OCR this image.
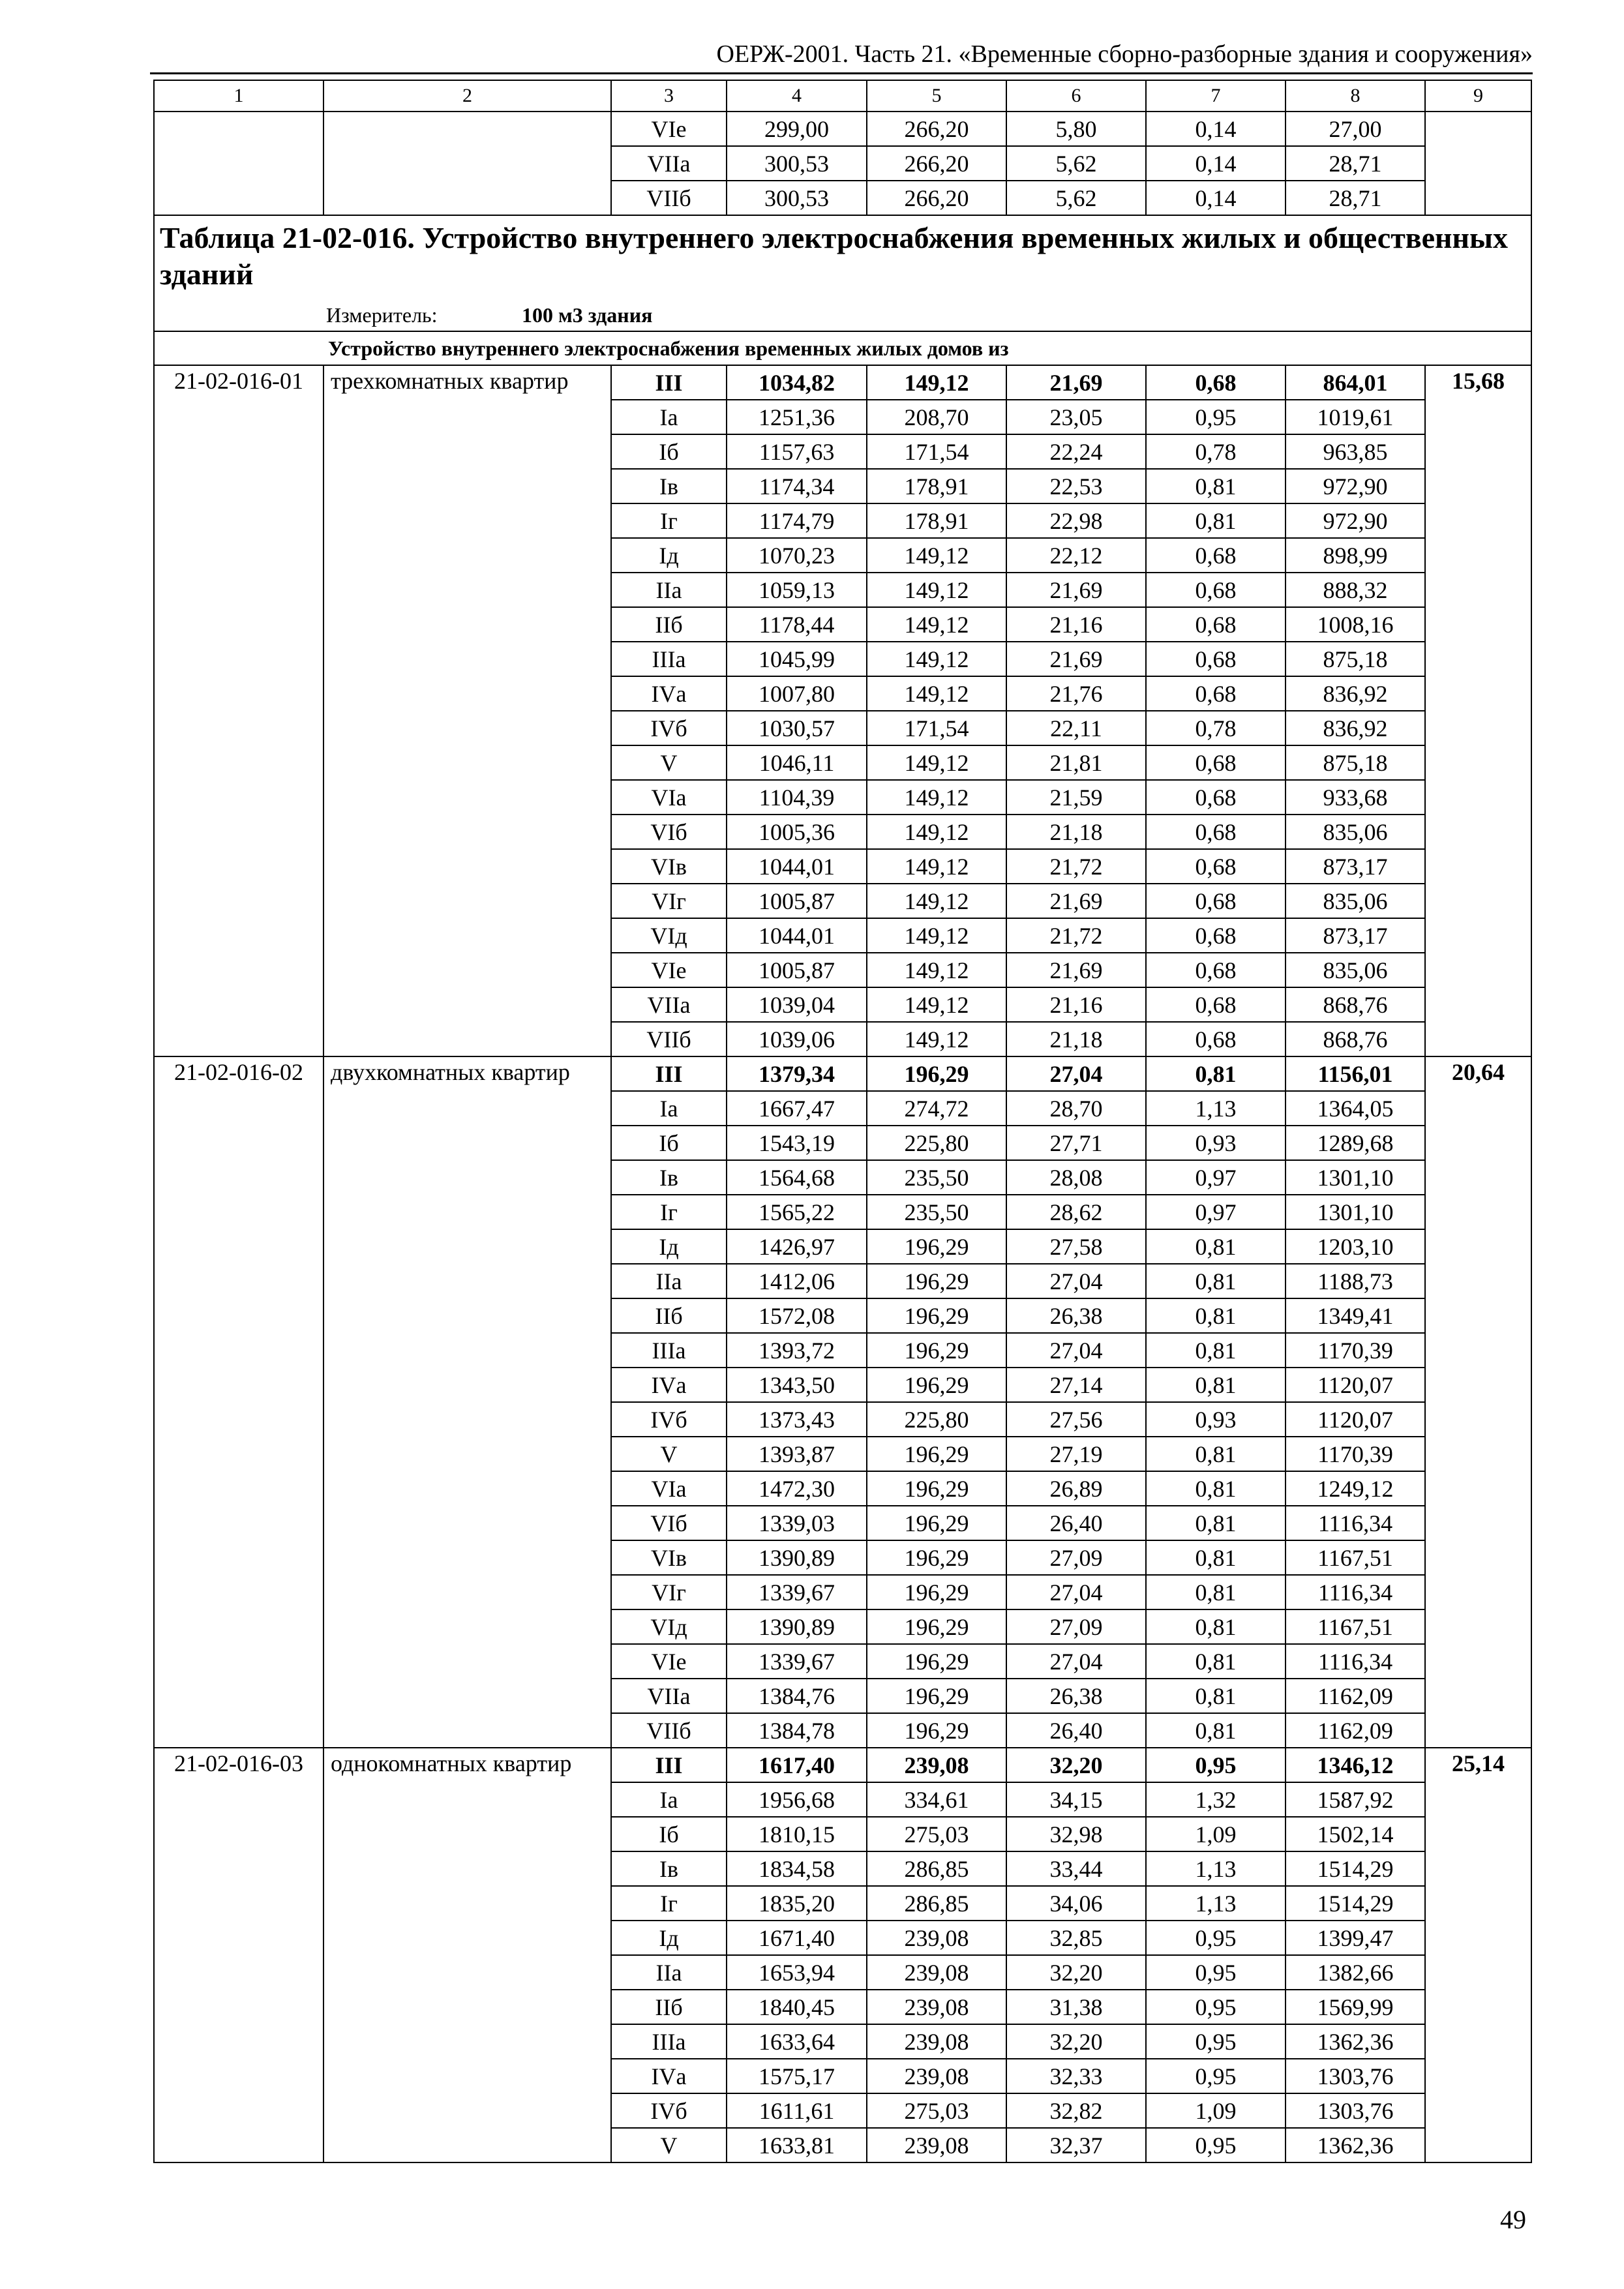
ОЕРЖ-2001. Часть 21. «Временные сборно-разборные здания и сооружения»
1	2	3	4	5	6	7	8	9
		VIе	299,00	266,20	5,80	0,14	27,00	
		VIIа	300,53	266,20	5,62	0,14	28,71	
		VIIб	300,53	266,20	5,62	0,14	28,71	

Таблица 21-02-016. Устройство внутреннего электроснабжения временных жилых и общественных зданий
Измеритель: 100 м3 здания								

Устройство внутреннего электроснабжения временных жилых домов из								
21-02-016-01	трехкомнатных квартир	III	1034,82	149,12	21,69	0,68	864,01	15,68
		Iа	1251,36	208,70	23,05	0,95	1019,61	
		Iб	1157,63	171,54	22,24	0,78	963,85	
		Iв	1174,34	178,91	22,53	0,81	972,90	
		Iг	1174,79	178,91	22,98	0,81	972,90	
		Iд	1070,23	149,12	22,12	0,68	898,99	
		IIа	1059,13	149,12	21,69	0,68	888,32	
		IIб	1178,44	149,12	21,16	0,68	1008,16	
		IIIа	1045,99	149,12	21,69	0,68	875,18	
		IVа	1007,80	149,12	21,76	0,68	836,92	
		IVб	1030,57	171,54	22,11	0,78	836,92	
		V	1046,11	149,12	21,81	0,68	875,18	
		VIа	1104,39	149,12	21,59	0,68	933,68	
		VIб	1005,36	149,12	21,18	0,68	835,06	
		VIв	1044,01	149,12	21,72	0,68	873,17	
		VIг	1005,87	149,12	21,69	0,68	835,06	
		VIд	1044,01	149,12	21,72	0,68	873,17	
		VIе	1005,87	149,12	21,69	0,68	835,06	
		VIIа	1039,04	149,12	21,16	0,68	868,76	
		VIIб	1039,06	149,12	21,18	0,68	868,76	
21-02-016-02	двухкомнатных квартир	III	1379,34	196,29	27,04	0,81	1156,01	20,64
		Iа	1667,47	274,72	28,70	1,13	1364,05	
		Iб	1543,19	225,80	27,71	0,93	1289,68	
		Iв	1564,68	235,50	28,08	0,97	1301,10	
		Iг	1565,22	235,50	28,62	0,97	1301,10	
		Iд	1426,97	196,29	27,58	0,81	1203,10	
		IIа	1412,06	196,29	27,04	0,81	1188,73	
		IIб	1572,08	196,29	26,38	0,81	1349,41	
		IIIа	1393,72	196,29	27,04	0,81	1170,39	
		IVа	1343,50	196,29	27,14	0,81	1120,07	
		IVб	1373,43	225,80	27,56	0,93	1120,07	
		V	1393,87	196,29	27,19	0,81	1170,39	
		VIа	1472,30	196,29	26,89	0,81	1249,12	
		VIб	1339,03	196,29	26,40	0,81	1116,34	
		VIв	1390,89	196,29	27,09	0,81	1167,51	
		VIг	1339,67	196,29	27,04	0,81	1116,34	
		VIд	1390,89	196,29	27,09	0,81	1167,51	
		VIе	1339,67	196,29	27,04	0,81	1116,34	
		VIIа	1384,76	196,29	26,38	0,81	1162,09	
		VIIб	1384,78	196,29	26,40	0,81	1162,09	
21-02-016-03	однокомнатных квартир	III	1617,40	239,08	32,20	0,95	1346,12	25,14
		Iа	1956,68	334,61	34,15	1,32	1587,92	
		Iб	1810,15	275,03	32,98	1,09	1502,14	
		Iв	1834,58	286,85	33,44	1,13	1514,29	
		Iг	1835,20	286,85	34,06	1,13	1514,29	
		Iд	1671,40	239,08	32,85	0,95	1399,47	
		IIа	1653,94	239,08	32,20	0,95	1382,66	
		IIб	1840,45	239,08	31,38	0,95	1569,99	
		IIIа	1633,64	239,08	32,20	0,95	1362,36	
		IVа	1575,17	239,08	32,33	0,95	1303,76	
		IVб	1611,61	275,03	32,82	1,09	1303,76	
		V	1633,81	239,08	32,37	0,95	1362,36	
49
